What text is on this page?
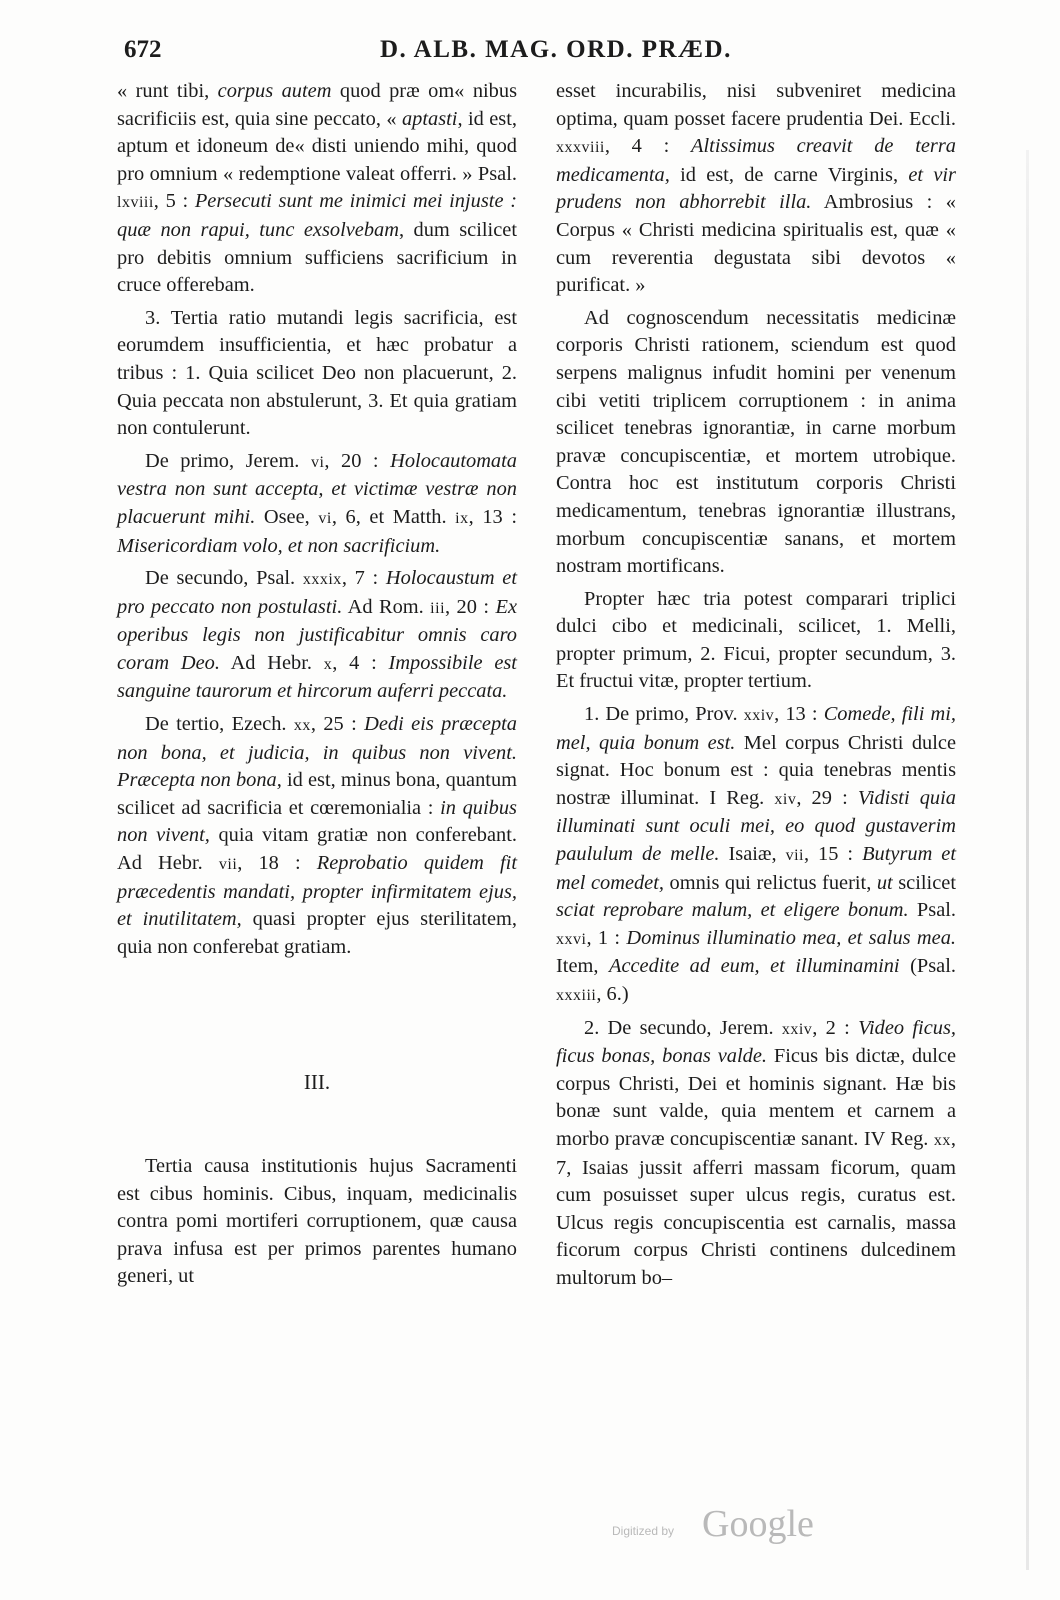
672	D. ALB. MAG. ORD. PRÆD.

« runt tibi, corpus autem quod præ om« nibus sacrificiis est, quia sine peccato, « aptasti, id est, aptum et idoneum de« disti uniendo mihi, quod pro omnium « redemptione valeat offerri. » Psal. lxviii, 5 : Persecuti sunt me inimici mei injuste : quæ non rapui, tunc exsolvebam, dum scilicet pro debitis omnium sufficiens sacrificium in cruce offerebam.

3. Tertia ratio mutandi legis sacrificia, est eorumdem insufficientia, et hæc probatur a tribus : 1. Quia scilicet Deo non placuerunt, 2. Quia peccata non abstulerunt, 3. Et quia gratiam non contulerunt.

De primo, Jerem. vi, 20 : Holocautomata vestra non sunt accepta, et victimæ vestræ non placuerunt mihi. Osee, vi, 6, et Matth. ix, 13 : Misericordiam volo, et non sacrificium.

De secundo, Psal. xxxix, 7 : Holocaustum et pro peccato non postulasti. Ad Rom. iii, 20 : Ex operibus legis non justificabitur omnis caro coram Deo. Ad Hebr. x, 4 : Impossibile est sanguine taurorum et hircorum auferri peccata.

De tertio, Ezech. xx, 25 : Dedi eis præcepta non bona, et judicia, in quibus non vivent. Præcepta non bona, id est, minus bona, quantum scilicet ad sacrificia et cœremonialia : in quibus non vivent, quia vitam gratiæ non conferebant. Ad Hebr. vii, 18 : Reprobatio quidem fit præcedentis mandati, propter infirmitatem ejus, et inutilitatem, quasi propter ejus sterilitatem, quia non conferebat gratiam.

III.

Tertia causa institutionis hujus Sacramenti est cibus hominis. Cibus, inquam, medicinalis contra pomi mortiferi corruptionem, quæ causa prava infusa est per primos parentes humano generi, ut

esset incurabilis, nisi subveniret medicina optima, quam posset facere prudentia Dei. Eccli. xxxviii, 4 : Altissimus creavit de terra medicamenta, id est, de carne Virginis, et vir prudens non abhorrebit illa. Ambrosius : « Corpus « Christi medicina spiritualis est, quæ « cum reverentia degustata sibi devotos « purificat. »

Ad cognoscendum necessitatis medicinæ corporis Christi rationem, sciendum est quod serpens malignus infudit homini per venenum cibi vetiti triplicem corruptionem : in anima scilicet tenebras ignorantiæ, in carne morbum pravæ concupiscentiæ, et mortem utrobique. Contra hoc est institutum corporis Christi medicamentum, tenebras ignorantiæ illustrans, morbum concupiscentiæ sanans, et mortem nostram mortificans.

Propter hæc tria potest comparari triplici dulci cibo et medicinali, scilicet, 1. Melli, propter primum, 2. Ficui, propter secundum, 3. Et fructui vitæ, propter tertium.

1. De primo, Prov. xxiv, 13 : Comede, fili mi, mel, quia bonum est. Mel corpus Christi dulce signat. Hoc bonum est : quia tenebras mentis nostræ illuminat. I Reg. xiv, 29 : Vidisti quia illuminati sunt oculi mei, eo quod gustaverim paululum de melle. Isaiæ, vii, 15 : Butyrum et mel comedet, omnis qui relictus fuerit, ut scilicet sciat reprobare malum, et eligere bonum. Psal. xxvi, 1 : Dominus illuminatio mea, et salus mea. Item, Accedite ad eum, et illuminamini (Psal. xxxiii, 6.)

2. De secundo, Jerem. xxiv, 2 : Video ficus, ficus bonas, bonas valde. Ficus bis dictæ, dulce corpus Christi, Dei et hominis signant. Hæ bis bonæ sunt valde, quia mentem et carnem a morbo pravæ concupiscentiæ sanant. IV Reg. xx, 7, Isaias jussit afferri massam ficorum, quam cum posuisset super ulcus regis, curatus est. Ulcus regis concupiscentia est carnalis, massa ficorum corpus Christi continens dulcedinem multorum bo–

Digitized by Google
